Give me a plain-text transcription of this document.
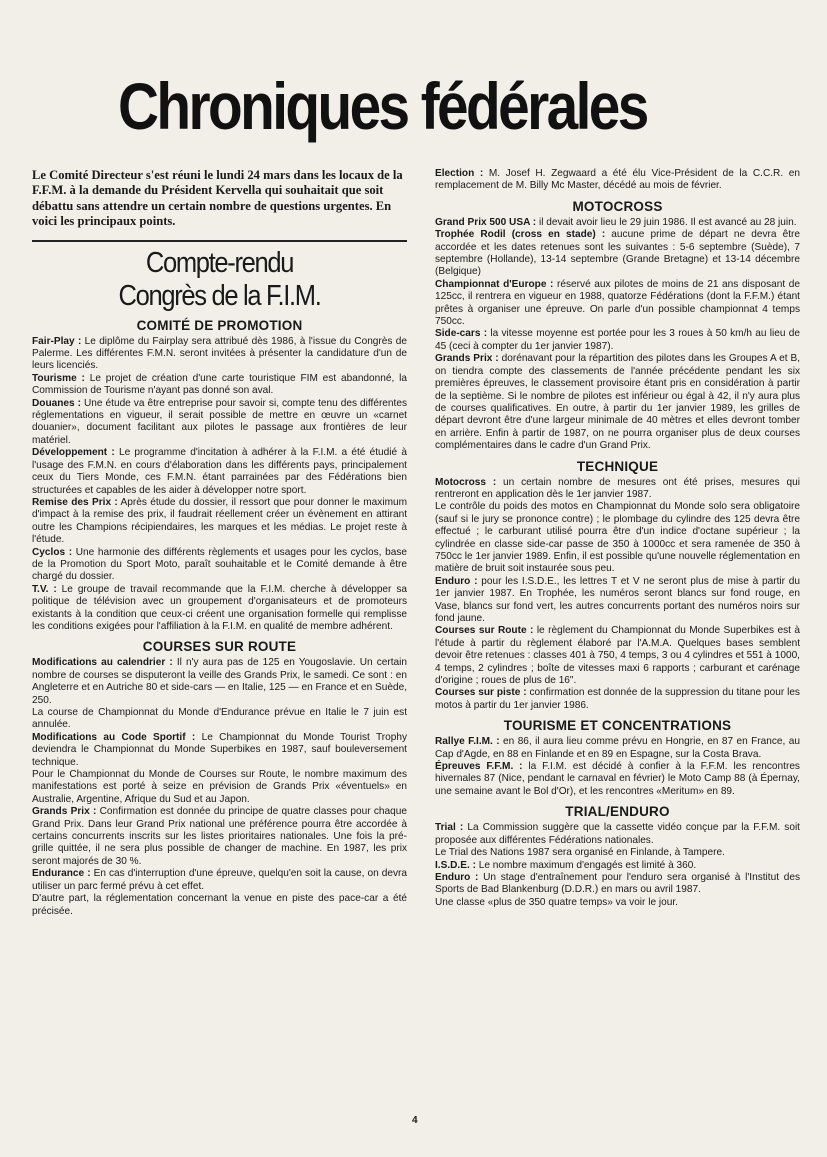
Chroniques fédérales

Le Comité Directeur s'est réuni le lundi 24 mars dans les locaux de la F.F.M. à la demande du Président Kervella qui souhaitait que soit débattu sans attendre un certain nombre de questions urgentes. En voici les principaux points.

Compte-rendu
Congrès de la F.I.M.
COMITÉ DE PROMOTION

Fair-Play : Le diplôme du Fairplay sera attribué dès 1986, à l'issue du Congrès de Palerme. Les différentes F.M.N. seront invitées à présenter la candidature d'un de leurs licenciés.

Tourisme : Le projet de création d'une carte touristique FIM est abandonné, la Commission de Tourisme n'ayant pas donné son aval.

Douanes : Une étude va être entreprise pour savoir si, compte tenu des différentes réglementations en vigueur, il serait possible de mettre en œuvre un «carnet douanier», document facilitant aux pilotes le passage aux frontières de leur matériel.

Développement : Le programme d'incitation à adhérer à la F.I.M. a été étudié à l'usage des F.M.N. en cours d'élaboration dans les différents pays, principalement ceux du Tiers Monde, ces F.M.N. étant parrainées par des Fédérations bien structurées et capables de les aider à développer notre sport.

Remise des Prix : Après étude du dossier, il ressort que pour donner le maximum d'impact à la remise des prix, il faudrait réellement créer un évènement en attirant outre les Champions récipiendaires, les marques et les médias. Le projet reste à l'étude.

Cyclos : Une harmonie des différents règlements et usages pour les cyclos, base de la Promotion du Sport Moto, paraît souhaitable et le Comité demande à être chargé du dossier.

T.V. : Le groupe de travail recommande que la F.I.M. cherche à développer sa politique de télévision avec un groupement d'organisateurs et de promoteurs existants à la condition que ceux-ci créent une organisation formelle qui remplisse les conditions exigées pour l'affiliation à la F.I.M. en qualité de membre adhérent.

COURSES SUR ROUTE

Modifications au calendrier : Il n'y aura pas de 125 en Yougoslavie. Un certain nombre de courses se disputeront la veille des Grands Prix, le samedi. Ce sont : en Angleterre et en Autriche 80 et side-cars — en Italie, 125 — en France et en Suède, 250.

La course de Championnat du Monde d'Endurance prévue en Italie le 7 juin est annulée.

Modifications au Code Sportif : Le Championnat du Monde Tourist Trophy deviendra le Championnat du Monde Superbikes en 1987, sauf bouleversement technique.

Pour le Championnat du Monde de Courses sur Route, le nombre maximum des manifestations est porté à seize en prévision de Grands Prix «éventuels» en Australie, Argentine, Afrique du Sud et au Japon.

Grands Prix : Confirmation est donnée du principe de quatre classes pour chaque Grand Prix. Dans leur Grand Prix national une préférence pourra être accordée à certains concurrents inscrits sur les listes prioritaires nationales. Une fois la pré-grille quittée, il ne sera plus possible de changer de machine. En 1987, les prix seront majorés de 30 %.

Endurance : En cas d'interruption d'une épreuve, quelqu'en soit la cause, on devra utiliser un parc fermé prévu à cet effet.

D'autre part, la réglementation concernant la venue en piste des pace-car a été précisée.

Election : M. Josef H. Zegwaard a été élu Vice-Président de la C.C.R. en remplacement de M. Billy Mc Master, décédé au mois de février.

MOTOCROSS

Grand Prix 500 USA : il devait avoir lieu le 29 juin 1986. Il est avancé au 28 juin.

Trophée Rodil (cross en stade) : aucune prime de départ ne devra être accordée et les dates retenues sont les suivantes : 5-6 septembre (Suède), 7 septembre (Hollande), 13-14 septembre (Grande Bretagne) et 13-14 décembre (Belgique)

Championnat d'Europe : réservé aux pilotes de moins de 21 ans disposant de 125cc, il rentrera en vigueur en 1988, quatorze Fédérations (dont la F.F.M.) étant prêtes à organiser une épreuve. On parle d'un possible championnat 4 temps 750cc.

Side-cars : la vitesse moyenne est portée pour les 3 roues à 50 km/h au lieu de 45 (ceci à compter du 1er janvier 1987).

Grands Prix : dorénavant pour la répartition des pilotes dans les Groupes A et B, on tiendra compte des classements de l'année précédente pendant les six premières épreuves, le classement provisoire étant pris en considération à partir de la septième. Si le nombre de pilotes est inférieur ou égal à 42, il n'y aura plus de courses qualificatives. En outre, à partir du 1er janvier 1989, les grilles de départ devront être d'une largeur minimale de 40 mètres et elles devront tomber en arrière. Enfin à partir de 1987, on ne pourra organiser plus de deux courses complémentaires dans le cadre d'un Grand Prix.

TECHNIQUE

Motocross : un certain nombre de mesures ont été prises, mesures qui rentreront en application dès le 1er janvier 1987.

Le contrôle du poids des motos en Championnat du Monde solo sera obligatoire (sauf si le jury se prononce contre) ; le plombage du cylindre des 125 devra être effectué ; le carburant utilisé pourra être d'un indice d'octane supérieur ; la cylindrée en classe side-car passe de 350 à 1000cc et sera ramenée de 350 à 750cc le 1er janvier 1989. Enfin, il est possible qu'une nouvelle réglementation en matière de bruit soit instaurée sous peu.

Enduro : pour les I.S.D.E., les lettres T et V ne seront plus de mise à partir du 1er janvier 1987. En Trophée, les numéros seront blancs sur fond rouge, en Vase, blancs sur fond vert, les autres concurrents portant des numéros noirs sur fond jaune.

Courses sur Route : le règlement du Championnat du Monde Superbikes est à l'étude à partir du règlement élaboré par l'A.M.A. Quelques bases semblent devoir être retenues : classes 401 à 750, 4 temps, 3 ou 4 cylindres et 551 à 1000, 4 temps, 2 cylindres ; boîte de vitesses maxi 6 rapports ; carburant et carénage d'origine ; roues de plus de 16".

Courses sur piste : confirmation est donnée de la suppression du titane pour les motos à partir du 1er janvier 1986.

TOURISME ET CONCENTRATIONS

Rallye F.I.M. : en 86, il aura lieu comme prévu en Hongrie, en 87 en France, au Cap d'Agde, en 88 en Finlande et en 89 en Espagne, sur la Costa Brava.

Épreuves F.F.M. : la F.I.M. est décidé à confier à la F.F.M. les rencontres hivernales 87 (Nice, pendant le carnaval en février) le Moto Camp 88 (à Épernay, une semaine avant le Bol d'Or), et les rencontres «Meritum» en 89.

TRIAL/ENDURO

Trial : La Commission suggère que la cassette vidéo conçue par la F.F.M. soit proposée aux différentes Fédérations nationales.

Le Trial des Nations 1987 sera organisé en Finlande, à Tampere.

I.S.D.E. : Le nombre maximum d'engagés est limité à 360.

Enduro : Un stage d'entraînement pour l'enduro sera organisé à l'Institut des Sports de Bad Blankenburg (D.D.R.) en mars ou avril 1987.

Une classe «plus de 350 quatre temps» va voir le jour.

4
